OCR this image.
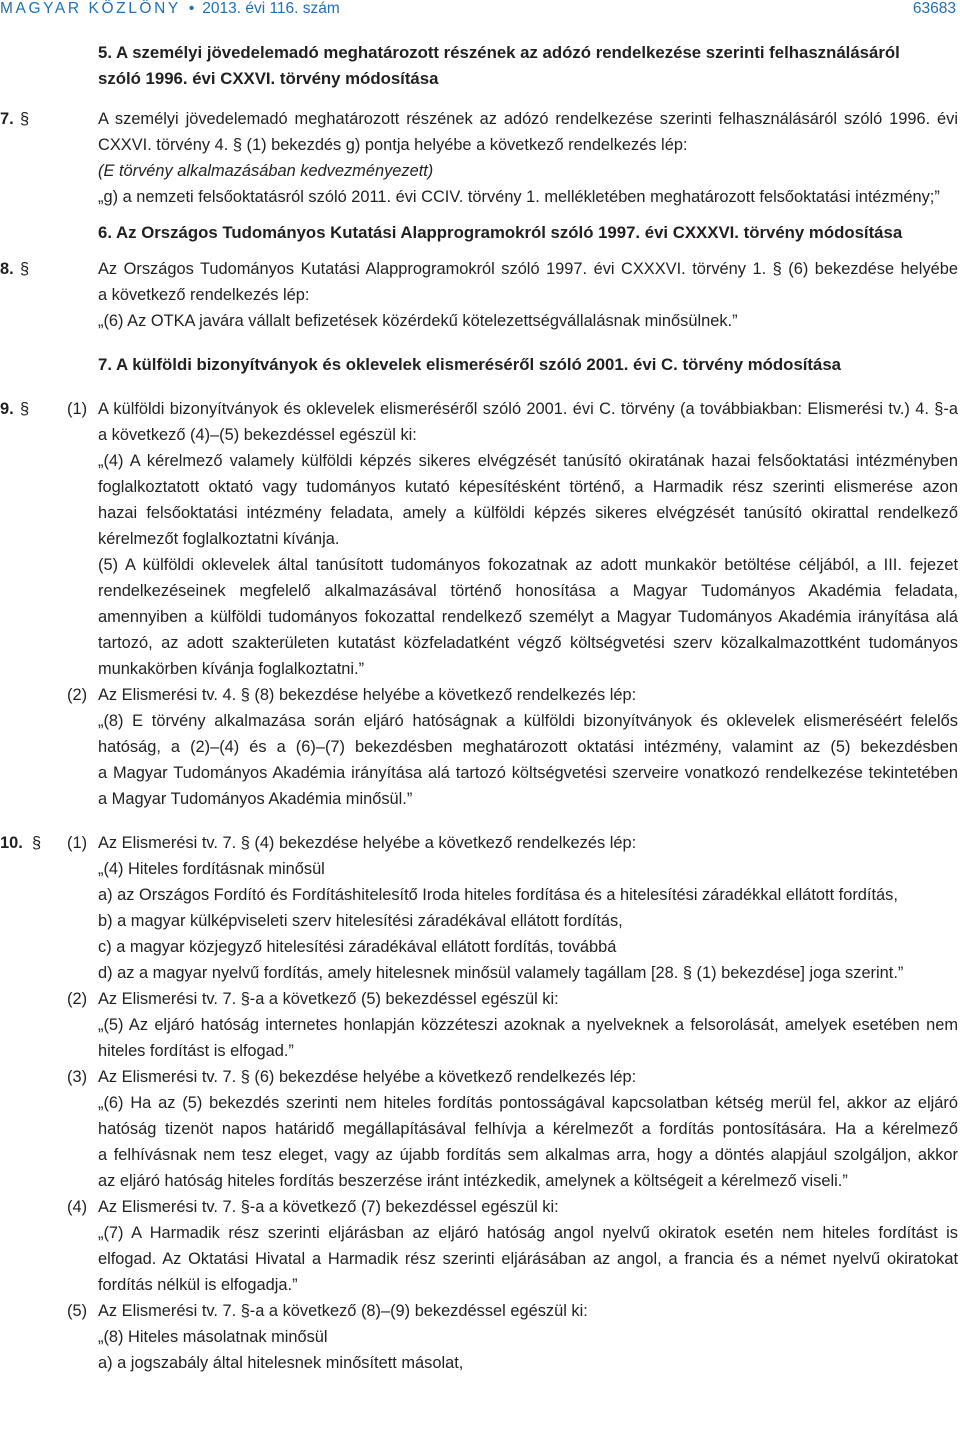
MAGYAR KÖZLÖNY • 2013. évi 116. szám	63683
5. A személyi jövedelemadó meghatározott részének az adózó rendelkezése szerinti felhasználásáról
szóló 1996. évi CXXVI. törvény módosítása
7. §	A személyi jövedelemadó meghatározott részének az adózó rendelkezése szerinti felhasználásáról szóló 1996. évi
CXXVI. törvény 4. § (1) bekezdés g) pontja helyébe a következő rendelkezés lép:
(E törvény alkalmazásában kedvezményezett)
„g) a nemzeti felsőoktatásról szóló 2011. évi CCIV. törvény 1. mellékletében meghatározott felsőoktatási intézmény;”
6. Az Országos Tudományos Kutatási Alapprogramokról szóló 1997. évi CXXXVI. törvény módosítása
8. §	Az Országos Tudományos Kutatási Alapprogramokról szóló 1997. évi CXXXVI. törvény 1. § (6) bekezdése helyébe
a következő rendelkezés lép:
„(6) Az OTKA javára vállalt befizetések közérdekű kötelezettségvállalásnak minősülnek.”
7. A külföldi bizonyítványok és oklevelek elismeréséről szóló 2001. évi C. törvény módosítása
9. § (1) A külföldi bizonyítványok és oklevelek elismeréséről szóló 2001. évi C. törvény (a továbbiakban: Elismerési tv.) 4. §-a
a következő (4)–(5) bekezdéssel egészül ki:
„(4) A kérelmező valamely külföldi képzés sikeres elvégzését tanúsító okiratának hazai felsőoktatási intézményben
foglalkoztatott oktató vagy tudományos kutató képesítésként történő, a Harmadik rész szerinti elismerése azon
hazai felsőoktatási intézmény feladata, amely a külföldi képzés sikeres elvégzését tanúsító okirattal rendelkező
kérelmezőt foglalkoztatni kívánja.
(5) A külföldi oklevelek által tanúsított tudományos fokozatnak az adott munkakör betöltése céljából, a III. fejezet
rendelkezéseinek megfelelő alkalmazásával történő honosítása a Magyar Tudományos Akadémia feladata,
amennyiben a külföldi tudományos fokozattal rendelkező személyt a Magyar Tudományos Akadémia irányítása alá
tartozó, az adott szakterületen kutatást közfeladatként végző költségvetési szerv közalkalmazottként tudományos
munkakörben kívánja foglalkoztatni.”
(2) Az Elismerési tv. 4. § (8) bekezdése helyébe a következő rendelkezés lép:
„(8) E törvény alkalmazása során eljáró hatóságnak a külföldi bizonyítványok és oklevelek elismeréséért felelős
hatóság, a (2)–(4) és a (6)–(7) bekezdésben meghatározott oktatási intézmény, valamint az (5) bekezdésben
a Magyar Tudományos Akadémia irányítása alá tartozó költségvetési szerveire vonatkozó rendelkezése tekintetében
a Magyar Tudományos Akadémia minősül.”
10. § (1) Az Elismerési tv. 7. § (4) bekezdése helyébe a következő rendelkezés lép:
„(4) Hiteles fordításnak minősül
a) az Országos Fordító és Fordításhitelesítő Iroda hiteles fordítása és a hitelesítési záradékkal ellátott fordítás,
b) a magyar külképviseleti szerv hitelesítési záradékával ellátott fordítás,
c) a magyar közjegyző hitelesítési záradékával ellátott fordítás, továbbá
d) az a magyar nyelvű fordítás, amely hitelesnek minősül valamely tagállam [28. § (1) bekezdése] joga szerint.”
(2) Az Elismerési tv. 7. §-a a következő (5) bekezdéssel egészül ki:
„(5) Az eljáró hatóság internetes honlapján közzéteszi azoknak a nyelveknek a felsorolását, amelyek esetében nem
hiteles fordítást is elfogad.”
(3) Az Elismerési tv. 7. § (6) bekezdése helyébe a következő rendelkezés lép:
„(6) Ha az (5) bekezdés szerinti nem hiteles fordítás pontosságával kapcsolatban kétség merül fel, akkor az eljáró
hatóság tizenöt napos határidő megállapításával felhívja a kérelmezőt a fordítás pontosítására. Ha a kérelmező
a felhívásnak nem tesz eleget, vagy az újabb fordítás sem alkalmas arra, hogy a döntés alapjául szolgáljon, akkor
az eljáró hatóság hiteles fordítás beszerzése iránt intézkedik, amelynek a költségeit a kérelmező viseli.”
(4) Az Elismerési tv. 7. §-a a következő (7) bekezdéssel egészül ki:
„(7) A Harmadik rész szerinti eljárásban az eljáró hatóság angol nyelvű okiratok esetén nem hiteles fordítást is
elfogad. Az Oktatási Hivatal a Harmadik rész szerinti eljárásában az angol, a francia és a német nyelvű okiratokat
fordítás nélkül is elfogadja.”
(5) Az Elismerési tv. 7. §-a a következő (8)–(9) bekezdéssel egészül ki:
„(8) Hiteles másolatnak minősül
a) a jogszabály által hitelesnek minősített másolat,
